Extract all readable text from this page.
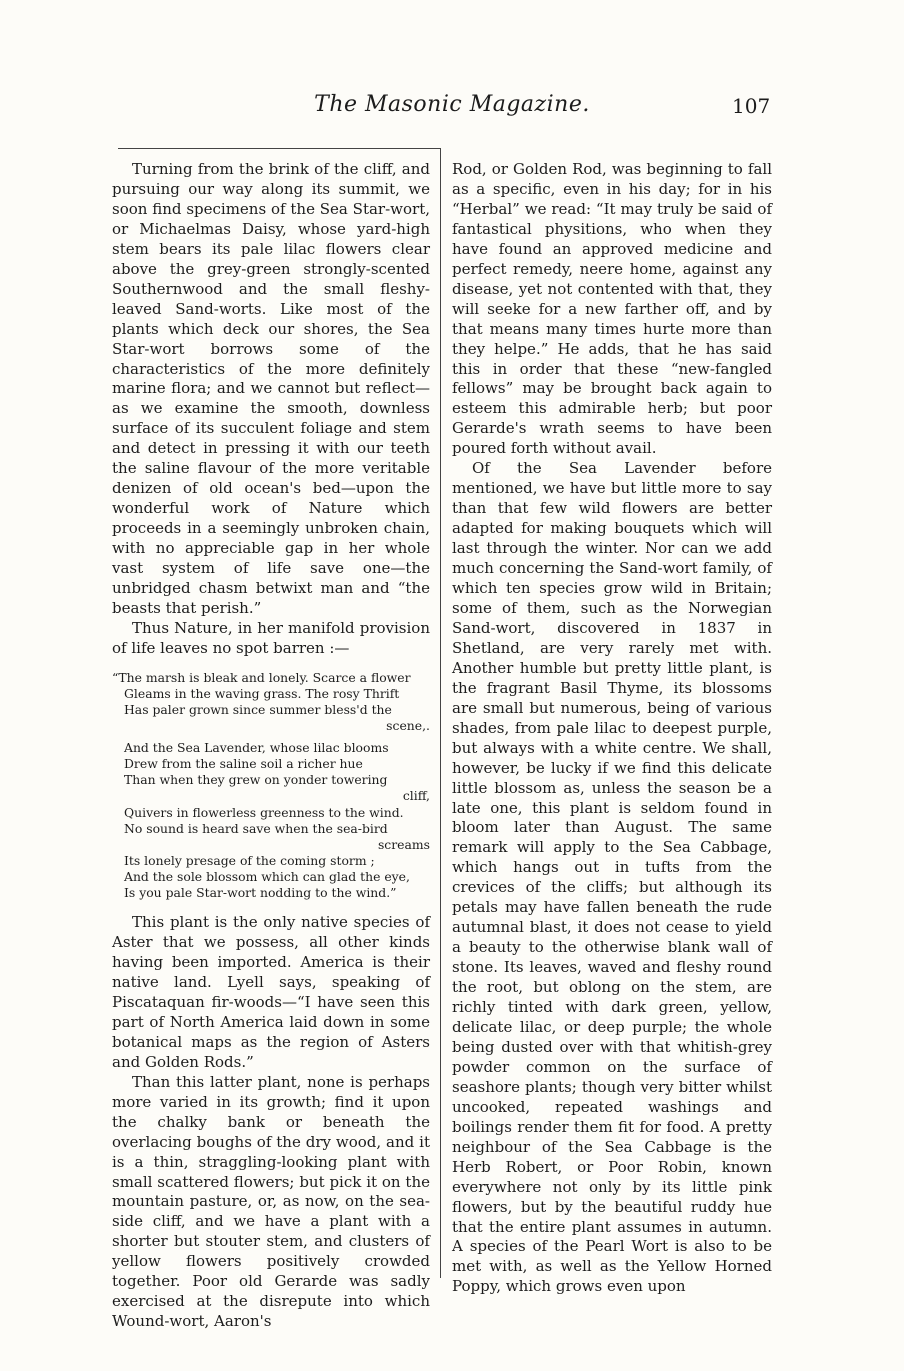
The Masonic Magazine.	107

Turning from the brink of the cliff, and pursuing our way along its summit, we soon find specimens of the Sea Star-wort, or Michaelmas Daisy, whose yard-high stem bears its pale lilac flowers clear above the grey-green strongly-scented Southernwood and the small fleshy-leaved Sand-worts. Like most of the plants which deck our shores, the Sea Star-wort borrows some of the characteristics of the more definitely marine flora; and we cannot but reflect—as we examine the smooth, downless surface of its succulent foliage and stem and detect in pressing it with our teeth the saline flavour of the more veritable denizen of old ocean's bed—upon the wonderful work of Nature which proceeds in a seemingly unbroken chain, with no appreciable gap in her whole vast system of life save one—the unbridged chasm betwixt man and “the beasts that perish.”

Thus Nature, in her manifold provision of life leaves no spot barren :—

“The marsh is bleak and lonely. Scarce a flower
Gleams in the waving grass. The rosy Thrift
Has paler grown since summer bless'd the
scene,.
And the Sea Lavender, whose lilac blooms
Drew from the saline soil a richer hue
Than when they grew on yonder towering
cliff,
Quivers in flowerless greenness to the wind.
No sound is heard save when the sea-bird
screams
Its lonely presage of the coming storm ;
And the sole blossom which can glad the eye,
Is you pale Star-wort nodding to the wind.”

This plant is the only native species of Aster that we possess, all other kinds having been imported. America is their native land. Lyell says, speaking of Piscataquan fir-woods—“I have seen this part of North America laid down in some botanical maps as the region of Asters and Golden Rods.”

Than this latter plant, none is perhaps more varied in its growth; find it upon the chalky bank or beneath the overlacing boughs of the dry wood, and it is a thin, straggling-looking plant with small scattered flowers; but pick it on the mountain pasture, or, as now, on the sea-side cliff, and we have a plant with a shorter but stouter stem, and clusters of yellow flowers positively crowded together. Poor old Gerarde was sadly exercised at the disrepute into which Wound-wort, Aaron's

Rod, or Golden Rod, was beginning to fall as a specific, even in his day; for in his “Herbal” we read: “It may truly be said of fantastical physitions, who when they have found an approved medicine and perfect remedy, neere home, against any disease, yet not contented with that, they will seeke for a new farther off, and by that means many times hurte more than they helpe.” He adds, that he has said this in order that these “new-fangled fellows” may be brought back again to esteem this admirable herb; but poor Gerarde's wrath seems to have been poured forth without avail.

Of the Sea Lavender before mentioned, we have but little more to say than that few wild flowers are better adapted for making bouquets which will last through the winter. Nor can we add much concerning the Sand-wort family, of which ten species grow wild in Britain; some of them, such as the Norwegian Sand-wort, discovered in 1837 in Shetland, are very rarely met with. Another humble but pretty little plant, is the fragrant Basil Thyme, its blossoms are small but numerous, being of various shades, from pale lilac to deepest purple, but always with a white centre. We shall, however, be lucky if we find this delicate little blossom as, unless the season be a late one, this plant is seldom found in bloom later than August. The same remark will apply to the Sea Cabbage, which hangs out in tufts from the crevices of the cliffs; but although its petals may have fallen beneath the rude autumnal blast, it does not cease to yield a beauty to the otherwise blank wall of stone. Its leaves, waved and fleshy round the root, but oblong on the stem, are richly tinted with dark green, yellow, delicate lilac, or deep purple; the whole being dusted over with that whitish-grey powder common on the surface of seashore plants; though very bitter whilst uncooked, repeated washings and boilings render them fit for food. A pretty neighbour of the Sea Cabbage is the Herb Robert, or Poor Robin, known everywhere not only by its little pink flowers, but by the beautiful ruddy hue that the entire plant assumes in autumn. A species of the Pearl Wort is also to be met with, as well as the Yellow Horned Poppy, which grows even upon
